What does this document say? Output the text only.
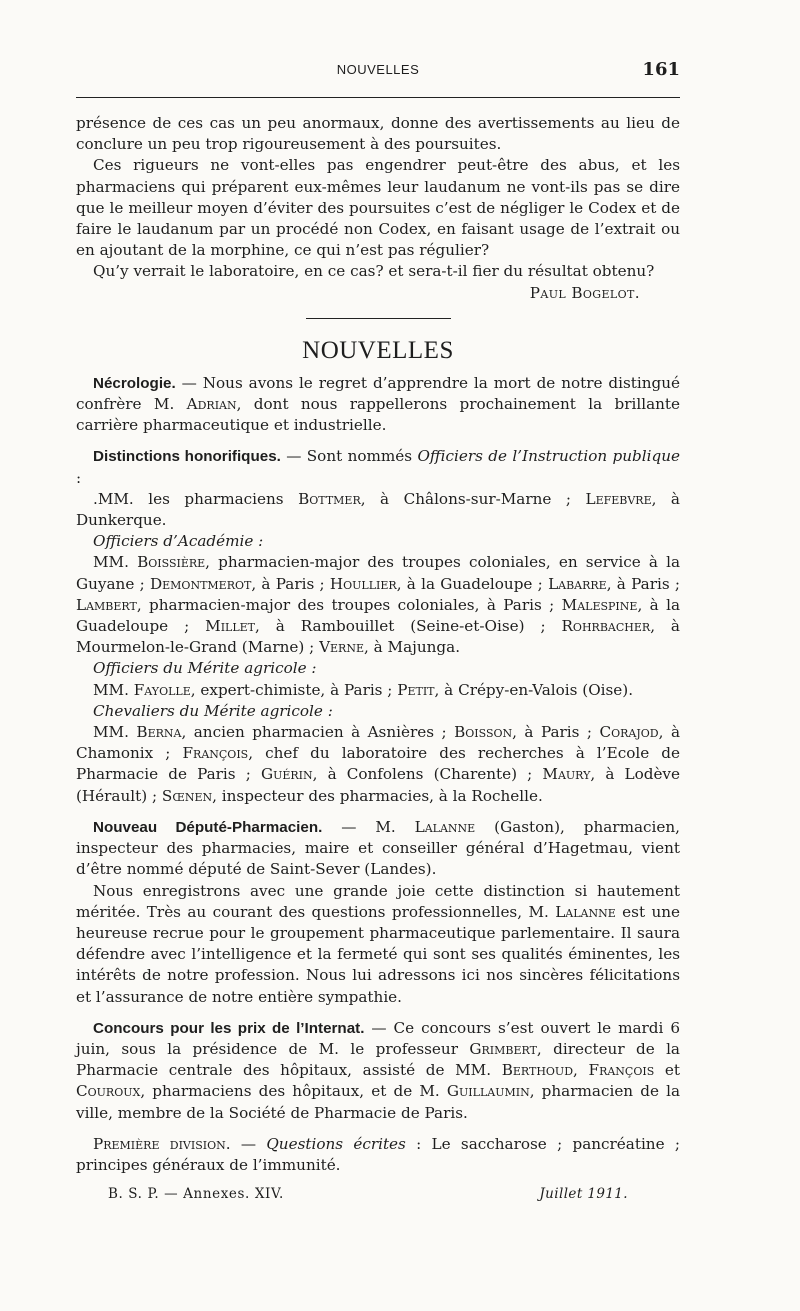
NOUVELLES	161

présence de ces cas un peu anormaux, donne des avertissements au lieu de conclure un peu trop rigoureusement à des poursuites.

Ces rigueurs ne vont-elles pas engendrer peut-être des abus, et les pharmaciens qui préparent eux-mêmes leur laudanum ne vont-ils pas se dire que le meilleur moyen d’éviter des poursuites c’est de négliger le Codex et de faire le laudanum par un procédé non Codex, en faisant usage de l’extrait ou en ajoutant de la morphine, ce qui n’est pas régulier?

Qu’y verrait le laboratoire, en ce cas? et sera-t-il fier du résultat obtenu?

Paul Bogelot.

NOUVELLES

Nécrologie. — Nous avons le regret d’apprendre la mort de notre distingué confrère M. Adrian, dont nous rappellerons prochainement la brillante carrière pharmaceutique et industrielle.

Distinctions honorifiques. — Sont nommés Officiers de l’Instruction publique :

.MM. les pharmaciens Bottmer, à Châlons-sur-Marne ; Lefebvre, à Dunkerque.

Officiers d’Académie :

MM. Boissière, pharmacien-major des troupes coloniales, en service à la Guyane ; Demontmerot, à Paris ; Houllier, à la Guadeloupe ; Labarre, à Paris ; Lambert, pharmacien-major des troupes coloniales, à Paris ; Malespine, à la Guadeloupe ; Millet, à Rambouillet (Seine-et-Oise) ; Rohrbacher, à Mourmelon-le-Grand (Marne) ; Verne, à Majunga.

Officiers du Mérite agricole :

MM. Fayolle, expert-chimiste, à Paris ; Petit, à Crépy-en-Valois (Oise).

Chevaliers du Mérite agricole :

MM. Berna, ancien pharmacien à Asnières ; Boisson, à Paris ; Corajod, à Chamonix ; François, chef du laboratoire des recherches à l’Ecole de Pharmacie de Paris ; Guérin, à Confolens (Charente) ; Maury, à Lodève (Hérault) ; Sœnen, inspecteur des pharmacies, à la Rochelle.

Nouveau Député-Pharmacien. — M. Lalanne (Gaston), pharmacien, inspecteur des pharmacies, maire et conseiller général d’Hagetmau, vient d’être nommé député de Saint-Sever (Landes).

Nous enregistrons avec une grande joie cette distinction si hautement méritée. Très au courant des questions professionnelles, M. Lalanne est une heureuse recrue pour le groupement pharmaceutique parlementaire. Il saura défendre avec l’intelligence et la fermeté qui sont ses qualités éminentes, les intérêts de notre profession. Nous lui adressons ici nos sincères félicitations et l’assurance de notre entière sympathie.

Concours pour les prix de l’Internat. — Ce concours s’est ouvert le mardi 6 juin, sous la présidence de M. le professeur Grimbert, directeur de la Pharmacie centrale des hôpitaux, assisté de MM. Berthoud, François et Couroux, pharmaciens des hôpitaux, et de M. Guillaumin, pharmacien de la ville, membre de la Société de Pharmacie de Paris.

Première division. — Questions écrites : Le saccharose ; pancréatine ; principes généraux de l’immunité.

B. S. P. — Annexes. XIV.	Juillet 1911.
